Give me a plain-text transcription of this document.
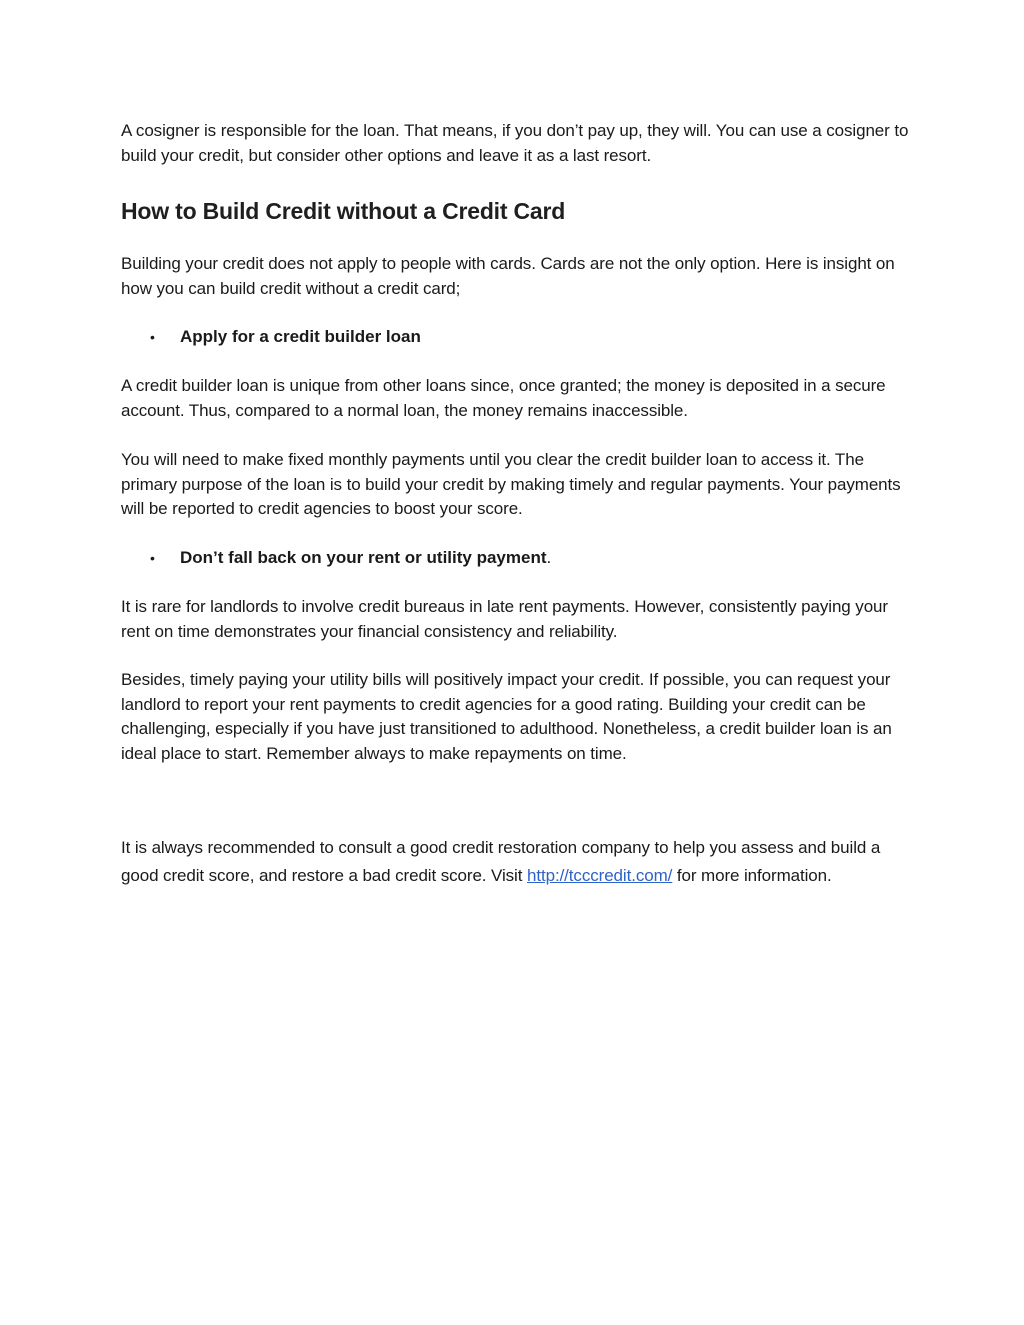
A cosigner is responsible for the loan. That means, if you don’t pay up, they will. You can use a cosigner to build your credit, but consider other options and leave it as a last resort.

How to Build Credit without a Credit Card

Building your credit does not apply to people with cards. Cards are not the only option. Here is insight on how you can build credit without a credit card;

•	Apply for a credit builder loan

A credit builder loan is unique from other loans since, once granted; the money is deposited in a secure account. Thus, compared to a normal loan, the money remains inaccessible.

You will need to make fixed monthly payments until you clear the credit builder loan to access it. The primary purpose of the loan is to build your credit by making timely and regular payments. Your payments will be reported to credit agencies to boost your score.

•	Don’t fall back on your rent or utility payment .

It is rare for landlords to involve credit bureaus in late rent payments. However, consistently paying your rent on time demonstrates your financial consistency and reliability.

Besides, timely paying your utility bills will positively impact your credit. If possible, you can request your landlord to report your rent payments to credit agencies for a good rating. Building your credit can be challenging, especially if you have just transitioned to adulthood. Nonetheless, a credit builder loan is an ideal place to start. Remember always to make repayments on time.

It is always recommended to consult a good credit restoration company to help you assess and build a good credit score, and restore a bad credit score. Visit http://tcccredit.com/ for more information.
